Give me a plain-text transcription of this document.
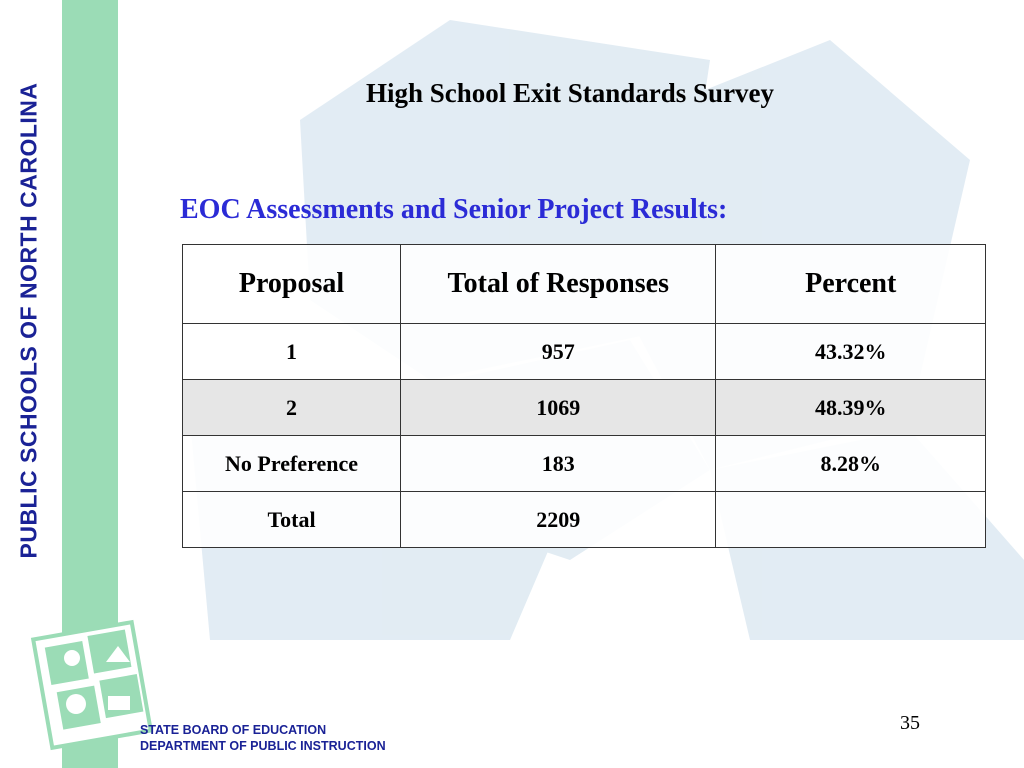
PUBLIC SCHOOLS OF NORTH CAROLINA	High School Exit Standards Survey
EOC Assessments and Senior Project Results:
Proposal	Total of Responses	Percent
1	957	43.32%
2	1069	48.39%
No Preference	183	8.28%
Total	2209	
STATE BOARD OF EDUCATION
DEPARTMENT OF PUBLIC INSTRUCTION
35
